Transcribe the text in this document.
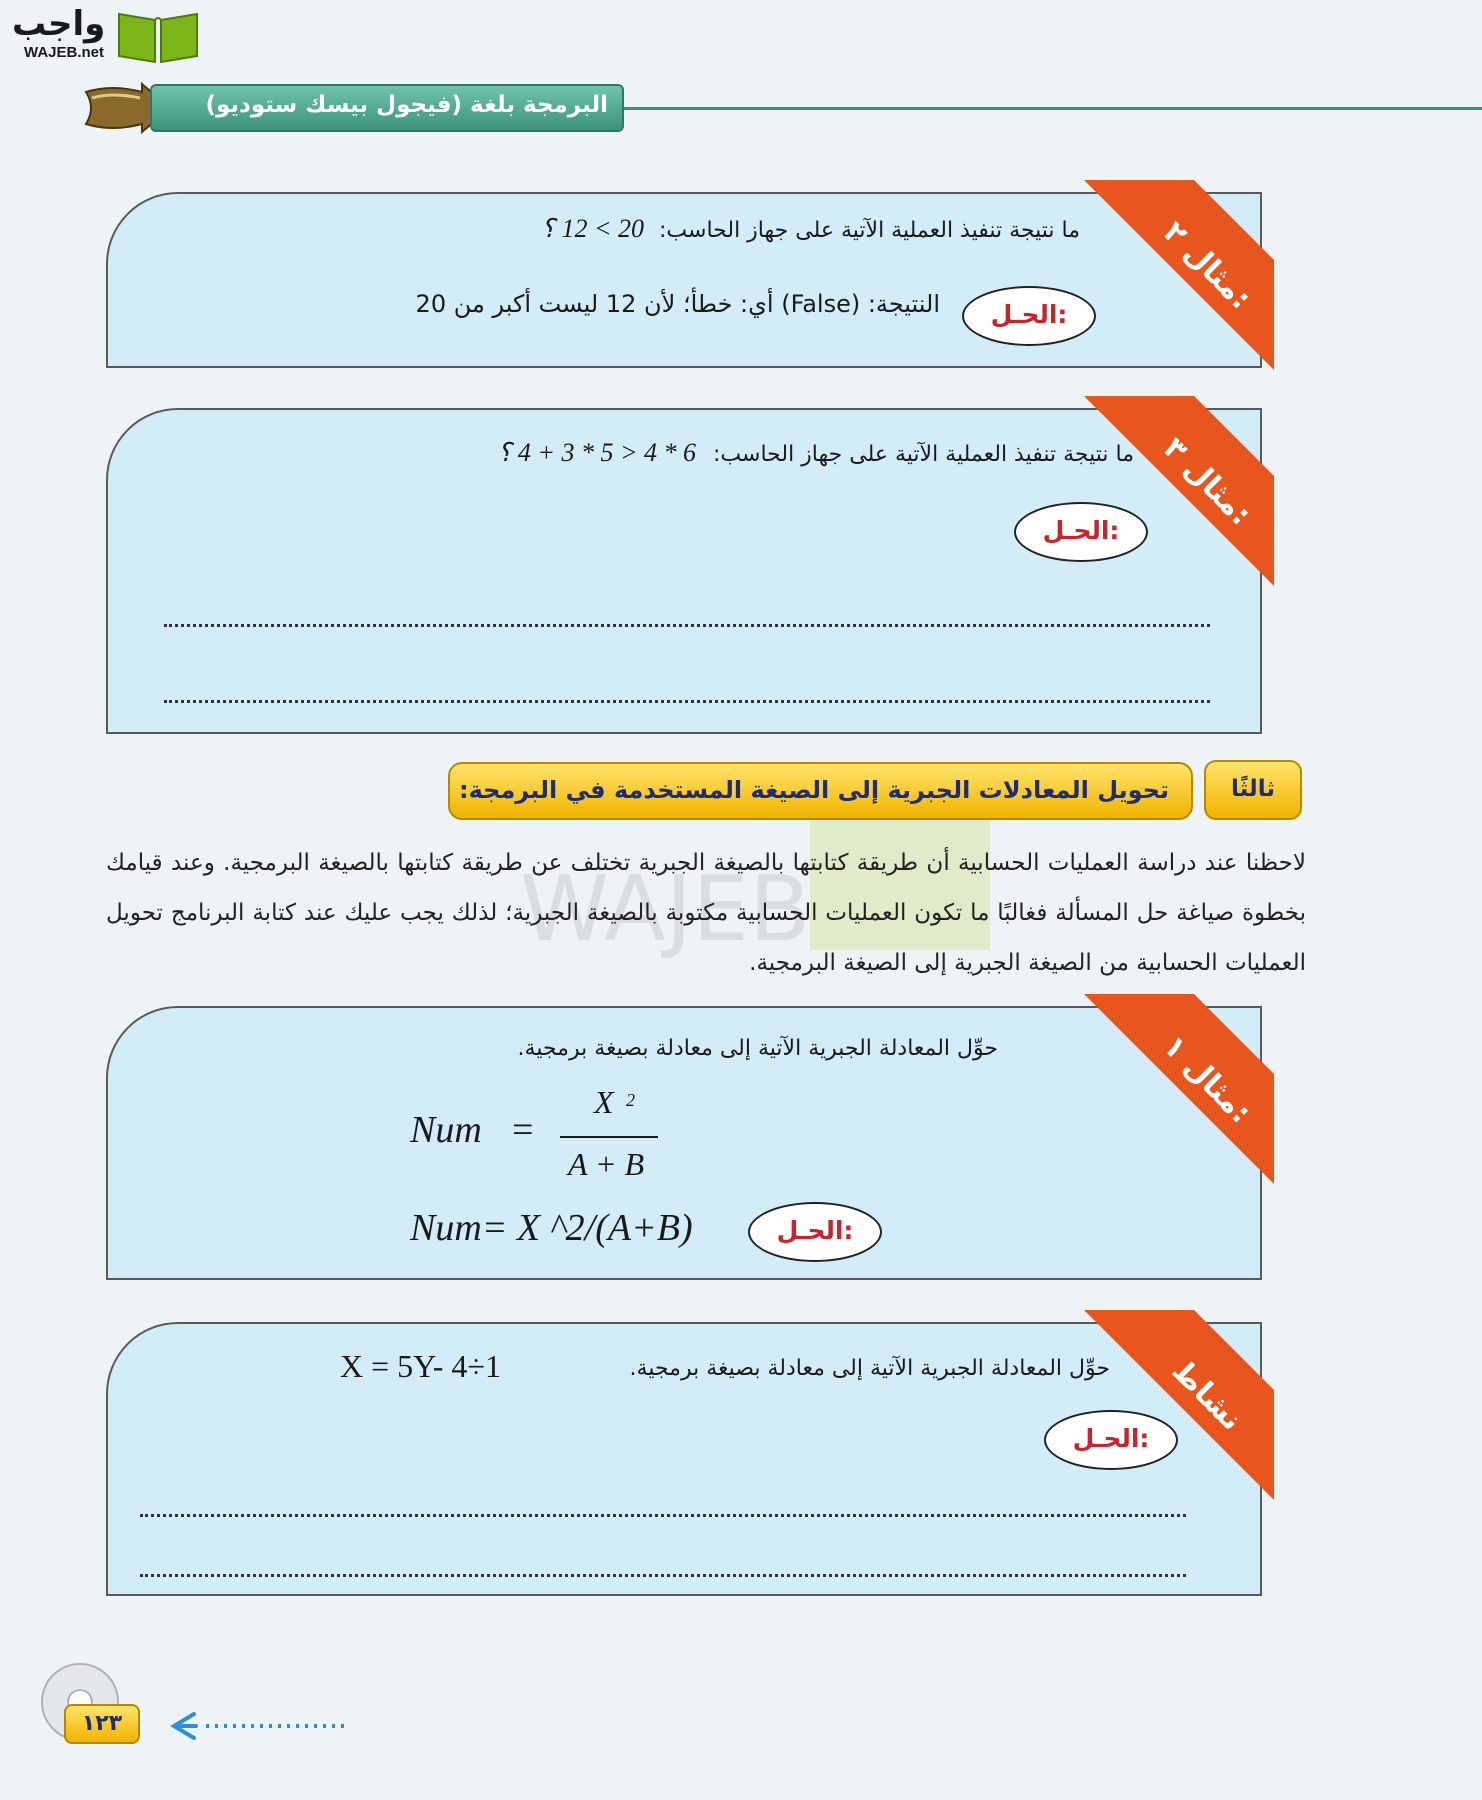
واجب
WAJEB.net
البرمجة بلغة (فيجول بيسك ستوديو)
ما نتيجة تنفيذ العملية الآتية على جهاز الحاسب: 20 > 12 ؟
الحـل:
النتيجة: (False) أي: خطأ؛ لأن 12 ليست أكبر من 20
مثال ٢:
ما نتيجة تنفيذ العملية الآتية على جهاز الحاسب: 6 * 4 < 5 * 3 + 4 ؟
الحـل:
مثال ٣:
ثالثًا
تحويل المعادلات الجبرية إلى الصيغة المستخدمة في البرمجة:
WAJEB
لاحظنا عند دراسة العمليات الحسابية أن طريقة كتابتها بالصيغة الجبرية تختلف عن طريقة كتابتها بالصيغة البرمجية. وعند قيامك بخطوة صياغة حل المسألة فغالبًا ما تكون العمليات الحسابية مكتوبة بالصيغة الجبرية؛ لذلك يجب عليك عند كتابة البرنامج تحويل العمليات الحسابية من الصيغة الجبرية إلى الصيغة البرمجية.
حوِّل المعادلة الجبرية الآتية إلى معادلة بصيغة برمجية.
Num =
X 2
A + B
Num= X ^2/(A+B)	الحـل:
مثال ١:
حوِّل المعادلة الجبرية الآتية إلى معادلة بصيغة برمجية.
X = 5Y- 4÷1
الحـل:
نشاط
١٢٣
